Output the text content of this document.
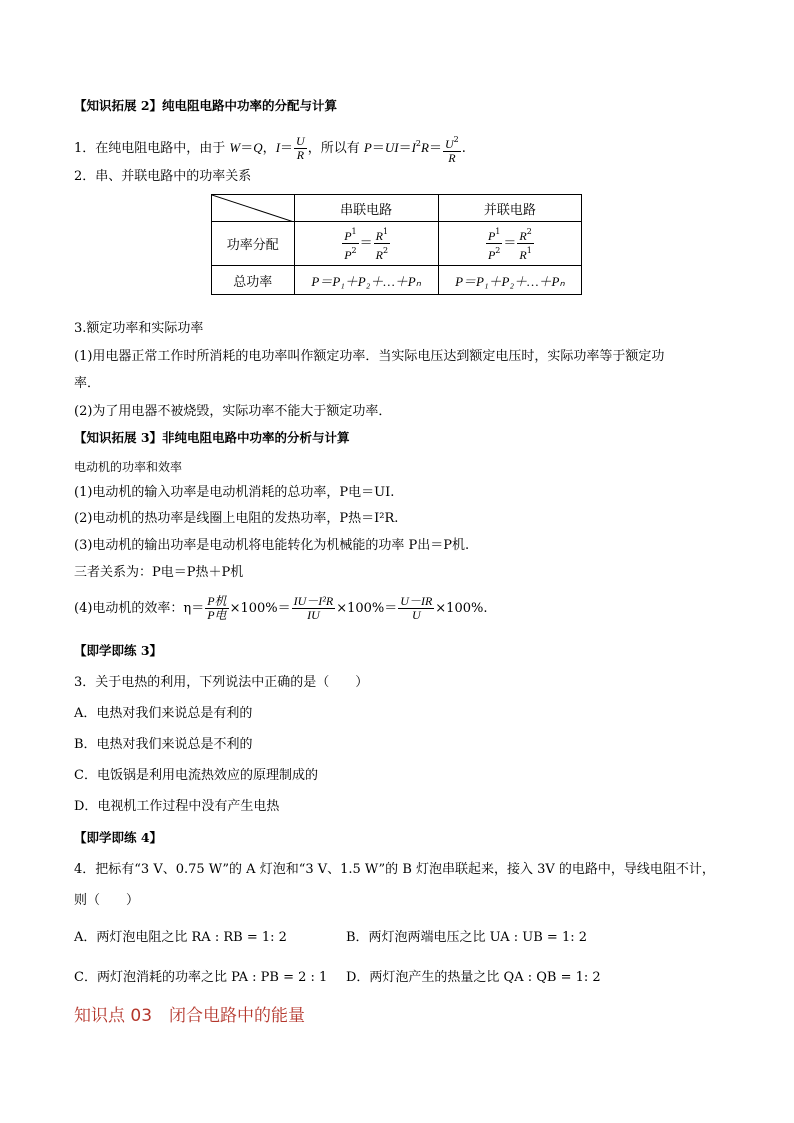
【知识拓展 2】纯电阻电路中功率的分配与计算
1．在纯电阻电路中，由于 W＝Q，$I= \frac{U}{R}$ ，所以有 $P=UI=I^2R= \frac{U^2}{R}$ .
2．串、并联电路中的功率关系
	串联电路	并联电路
功率分配	$\frac{P^1}{P^2} = \frac{R^1}{R^2}$	$\frac{P^1}{P^2} = \frac{R^2}{R^1}$

总功率	P＝P₁＋P₂＋…＋Pₙ	P＝P₁＋P₂＋…＋Pₙ
3.额定功率和实际功率
(1)用电器正常工作时所消耗的电功率叫作额定功率．当实际电压达到额定电压时，实际功率等于额定功
率．
(2)为了用电器不被烧毁，实际功率不能大于额定功率．
【知识拓展 3】非纯电阻电路中功率的分析与计算
电动机的功率和效率
(1)电动机的输入功率是电动机消耗的总功率，P电＝UI.
(2)电动机的热功率是线圈上电阻的发热功率，P热＝I²R.
(3)电动机的输出功率是电动机将电能转化为机械能的功率 P出＝P机.
三者关系为：P电＝P热＋P机
(4)电动机的效率：$\eta= \frac{\text{P机}}{\text{P电}} \times 100\%= \frac{\text{IU－I²R}}{IU} \times 100\%= \frac{U-IR}{U} \times 100\%$.
【即学即练 3】
3．关于电热的利用，下列说法中正确的是（　　）
A．电热对我们来说总是有利的
B．电热对我们来说总是不利的
C．电饭锅是利用电流热效应的原理制成的
D．电视机工作过程中没有产生电热
【即学即练 4】
4．把标有“3 V、0.75 W”的 A 灯泡和“3 V、1.5 W”的 B 灯泡串联起来，接入 3V 的电路中，导线电阻不计，
则（　　）
A．两灯泡电阻之比 RA : RB = 1: 2	B．两灯泡两端电压之比 UA : UB = 1: 2
C．两灯泡消耗的功率之比 PA : PB = 2 : 1 D．两灯泡产生的热量之比 QA : QB = 1: 2
知识点 03　闭合电路中的能量
